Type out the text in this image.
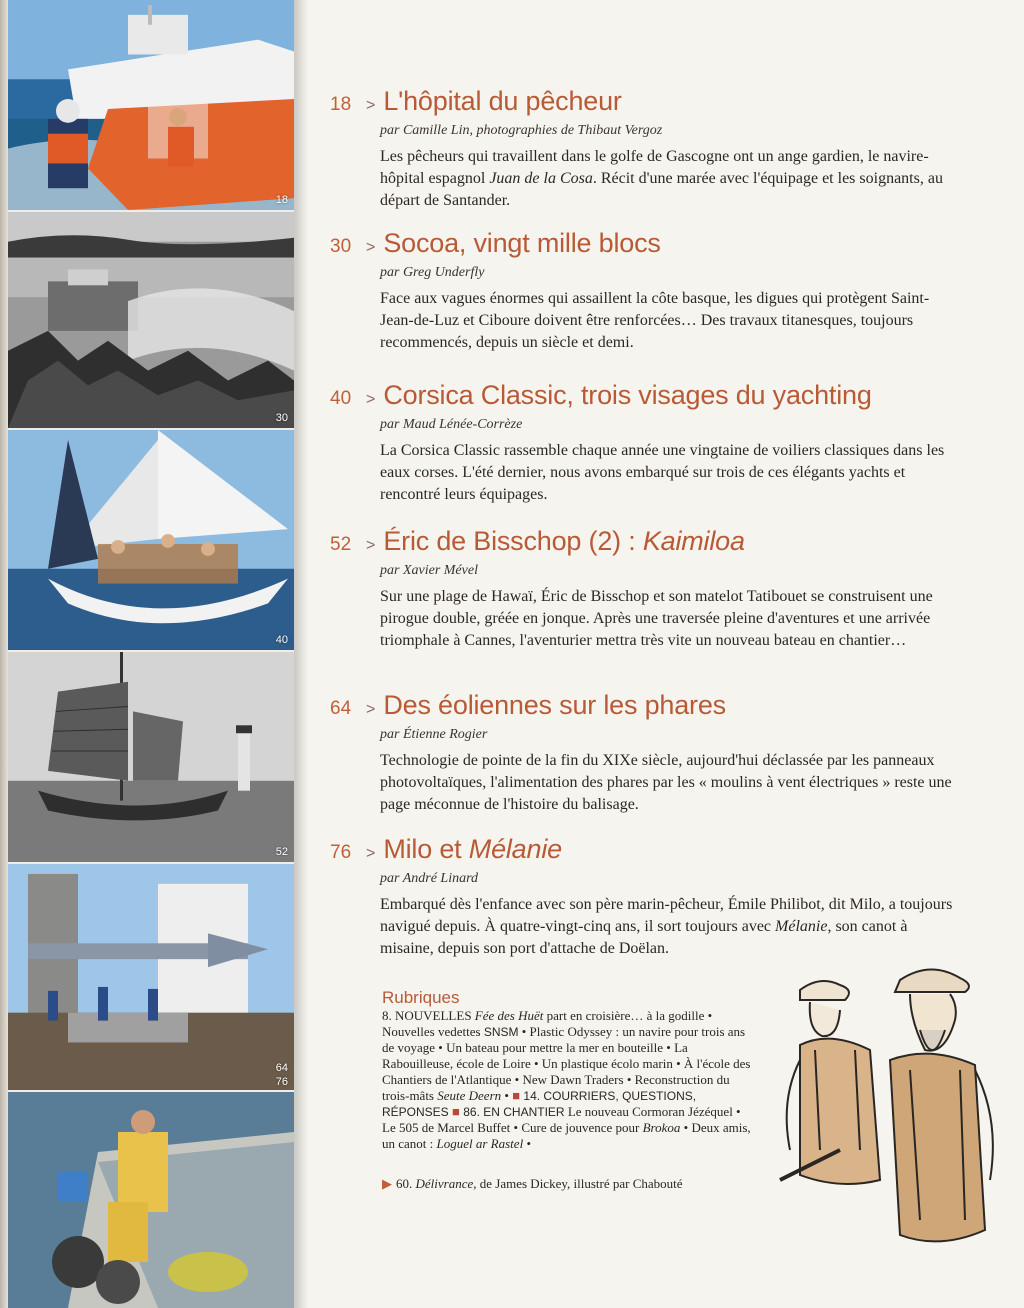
18
30
40
52
64
76
18 > L'hôpital du pêcheur
par Camille Lin, photographies de Thibaut Vergoz
Les pêcheurs qui travaillent dans le golfe de Gascogne ont un ange gardien, le navire-hôpital espagnol Juan de la Cosa. Récit d'une marée avec l'équipage et les soignants, au départ de Santander.
30 > Socoa, vingt mille blocs
par Greg Underfly
Face aux vagues énormes qui assaillent la côte basque, les digues qui protègent Saint-Jean-de-Luz et Ciboure doivent être renforcées… Des travaux titanesques, toujours recommencés, depuis un siècle et demi.
40 > Corsica Classic, trois visages du yachting
par Maud Lénée-Corrèze
La Corsica Classic rassemble chaque année une vingtaine de voiliers classiques dans les eaux corses. L'été dernier, nous avons embarqué sur trois de ces élégants yachts et rencontré leurs équipages.
52 > Éric de Bisschop (2) : Kaimiloa
par Xavier Mével
Sur une plage de Hawaï, Éric de Bisschop et son matelot Tatibouet se construisent une pirogue double, gréée en jonque. Après une traversée pleine d'aventures et une arrivée triomphale à Cannes, l'aventurier mettra très vite un nouveau bateau en chantier…
64 > Des éoliennes sur les phares
par Étienne Rogier
Technologie de pointe de la fin du XIXe siècle, aujourd'hui déclassée par les panneaux photovoltaïques, l'alimentation des phares par les « moulins à vent électriques » reste une page méconnue de l'histoire du balisage.
76 > Milo et Mélanie
par André Linard
Embarqué dès l'enfance avec son père marin-pêcheur, Émile Philibot, dit Milo, a toujours navigué depuis. À quatre-vingt-cinq ans, il sort toujours avec Mélanie, son canot à misaine, depuis son port d'attache de Doëlan.
Rubriques
8. NOUVELLES Fée des Huët part en croisière… à la godille • Nouvelles vedettes SNSM • Plastic Odyssey : un navire pour trois ans de voyage • Un bateau pour mettre la mer en bouteille • La Rabouilleuse, école de Loire • Un plastique écolo marin • À l'école des Chantiers de l'Atlantique • New Dawn Traders • Reconstruction du trois-mâts Seute Deern • ■ 14. COURRIERS, QUESTIONS, RÉPONSES ■ 86. EN CHANTIER Le nouveau Cormoran Jézéquel • Le 505 de Marcel Buffet • Cure de jouvence pour Brokoa • Deux amis, un canot : Loguel ar Rastel •
▶ 60. Délivrance, de James Dickey, illustré par Chabouté
